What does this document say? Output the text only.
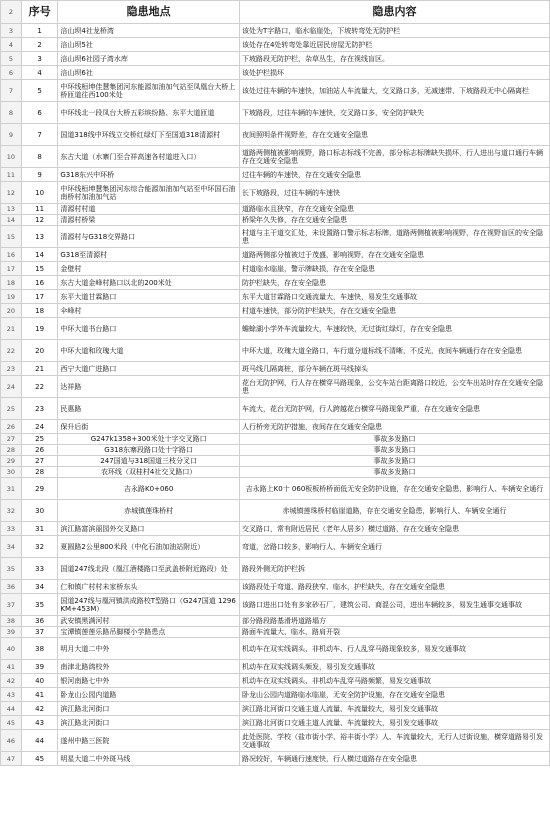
2	序号	隐患地点	隐患内容
3	1	涪山坝4社龙桥湾	该处为T字路口，临水临崖处，下坡转弯处无防护栏
4	2	涪山坝5社	该处存在4处转弯处靠近居民房屋无防护栏
5	3	涪山坝6社园子湾水库	下坡路段无防护栏，杂草丛生，存在视线盲区。
6	4	涪山坝6社	该处护栏损坏
7	5	中环线桓坤佳慧集团河东能源加油加气站至凤凰台大桥上桥匝道往西100米处	该处过往车辆的车速快，加油站人车流量大，交叉路口多，无减速带、下坡路段无中心隔离栏
8	6	中环线北一段凤台大桥五彩缤纷路、东平大道匝道	下坡路段，过往车辆的车速快，交叉路口多，安全防护缺失
9	7	国道318线中环线立交桥红绿灯下至国道318清源村	夜间照明条件视野差，存在交通安全隐患
10	8	东古大道（水寨门至合祥高速各村道进入口）	道路两侧植被影响视野，路口标志标线不完善，部分标志标牌缺失损坏，行人进出与道口通行车辆存在交通安全隐患
11	9	G318东兴中环桥	过往车辆的车速快，存在交通安全隐患
12	10	中环线桓坤慧集团河东综合能源加油加气站至中环国石油南桥村加油加气站	长下坡路段，过往车辆的车速快
13	11	清源村村道	道路临水且狭窄，存在交通安全隐患
14	12	清源村桥梁	桥梁年久失修，存在交通安全隐患
15	13	清源村与G318交界路口	村道与主干道交汇处，未设置路口警示标志标牌，道路两侧植被影响视野，存在视野盲区的安全隐患
16	14	G318至清源村	道路两侧部分植被过于茂盛，影响视野，存在交通安全隐患
17	15	金壁村	村道临水临崖，警示牌缺损，存在安全隐患
18	16	东古大道金峰村路口以北的200米处	防护栏缺失，存在安全隐患
19	17	东平大道甘霖路口	东平大道甘霖路口交通流量大，车速快，易发生交通事故
20	18	伞峰村	村道车速快，部分防护栏缺失，存在交通安全隐患
21	19	中环大道书台路口	蟾蜍湖小学外车流量较大，车速较快，无过街红绿灯，存在安全隐患
22	20	中环大道和玫瑰大道	中环大道，玫瑰大道全路口，车行道分道标线不清晰，不反光，夜间车辆通行存在安全隐患
23	21	西宁大道广进路口	斑马线几隔离桩，部分车辆在斑马线掉头
24	22	达祥路	花台无防护网，行人存在横穿马路现象，公交车站台距离路口较近，公交车出站时存在交通安全隐患
25	23	民惠路	车流大，花台无防护网，行人跨越花台横穿马路现象严重，存在交通安全隐患
26	24	保升后街	人行桥旁无防护措施，夜间存在交通安全隐患
27	25	G247k1358+300米处十字交叉路口	事故多发路口
28	26	G318东寨段路口处十字路口	事故多发路口
29	27	247国道与318国道三枝分叉口	事故多发路口
30	28	农环线（双桂村4社交叉路口）	事故多发路口
31	29	吉永路K0+060	吉永路上K0十 060板板桥桥面低无安全防护设施，存在交通安全隐患，影响行人、车辆安全通行
32	30	赤城镇莲珠桥村	赤城镇莲珠桥村临崖道路，存在交通安全隐患，影响行人、车辆安全通行
33	31	滨江路富滨丽园外交叉路口	交叉路口，常有附近居民（老年人居多）横过道路，存在交通安全隐患
34	32	夏圆路2公里800米段（中化石油加油站附近）	弯道，岔路口较多，影响行人、车辆安全通行
35	33	国道247线北段（凰江酒楼路口至武盖桥附近路段）处	路段外侧无防护栏拆
36	34	仁和镇广村村未家桥东头	该路段处于弯道、路段狭窄、临水，护栏缺失，存在交通安全隐患
37	35	国道247线与凰河镇洪成路校T型路口（G247国道 1296KM+453M）	该路口进出口处有多家砂石厂，建筑公司、商混公司，进出车辆较多，易发生通事交通事故
38	36	武安镇黑满河村	部分路段路基滑坍道路塌方
39	37	宝潭镇莲莲乐路吊脚楼小学路患点	路面车流量大，临水，路肩开裂
40	38	明月大道二中外	机动车在双实线调头、非机动车、行人乱穿马路现象较多，易发交通事故
41	39	南津北路鸽校外	机动车在双实线调头频发，易引发交通事故
42	40	银河南路七中外	机动车在双实线调头、非机动车乱穿马路频繁，易发交通事故
43	41	卧龙山公园内道路	卧龙山公园内道路临水临崖，无安全防护设施，存在交通安全隐患
44	42	滨江路北河街口	滨江路北河街口交通主道人流量、车流量较大，易引发交通事故
45	43	滨江路北河街口	滨江路北河街口交通主道人流量、车流量较大，易引发交通事故
46	44	遂州中路三医院	此处医院、学校（盐市街小学、裕丰街小学）人、车流量较大，无行人过街设施，横穿道路易引发交通事故
47	45	明星大道二中外斑马线	路况较好，车辆通行速度快，行人横过道路存在安全隐患
